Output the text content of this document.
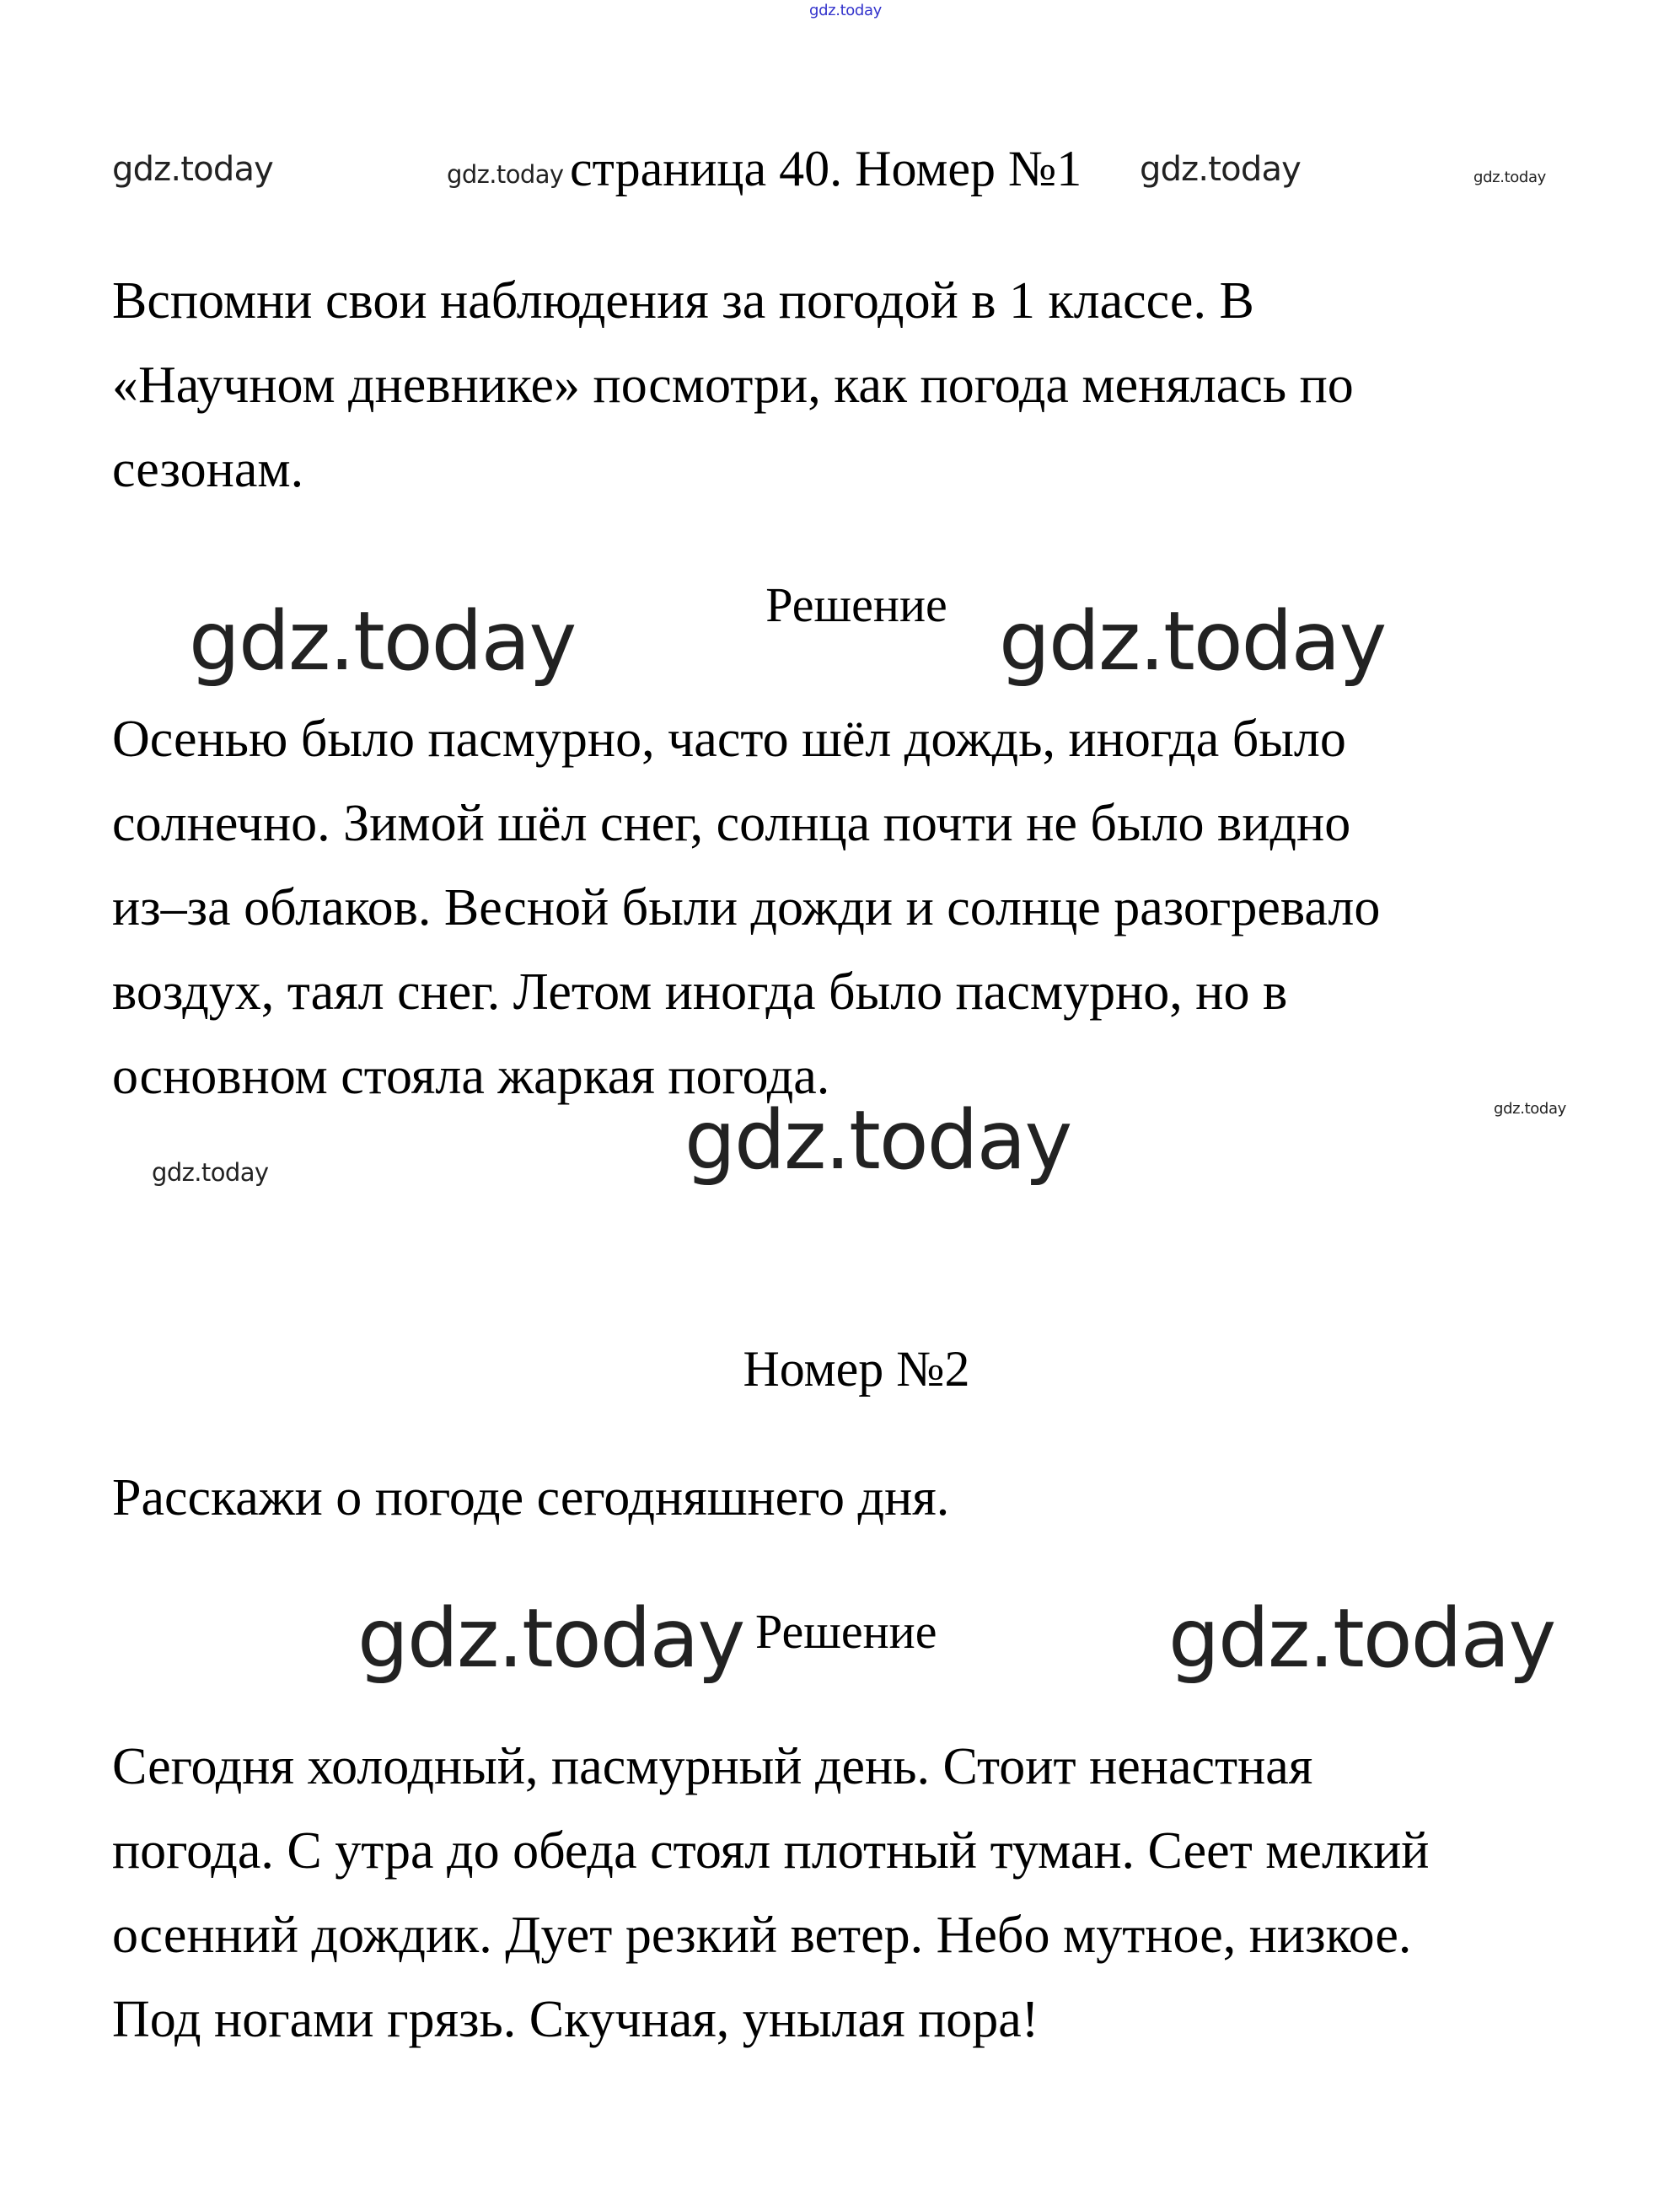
gdz.today
gdz.today	gdz.today	gdz.today	gdz.today
gdz.today	gdz.today
gdz.today
gdz.today
gdz.today
gdz.today	gdz.today
страница 40. Номер №1
Вспомни свои наблюдения за погодой в 1 классе. В
«Научном дневнике» посмотри, как погода менялась по
сезонам.
Решение
Осенью было пасмурно, часто шёл дождь, иногда было
солнечно. Зимой шёл снег, солнца почти не было видно
из–за облаков. Весной были дожди и солнце разогревало
воздух, таял снег. Летом иногда было пасмурно, но в
основном стояла жаркая погода.
Номер №2
Расскажи о погоде сегодняшнего дня.
Решение
Сегодня холодный, пасмурный день. Стоит ненастная
погода. С утра до обеда стоял плотный туман. Сеет мелкий
осенний дождик. Дует резкий ветер. Небо мутное, низкое.
Под ногами грязь. Скучная, унылая пора!
